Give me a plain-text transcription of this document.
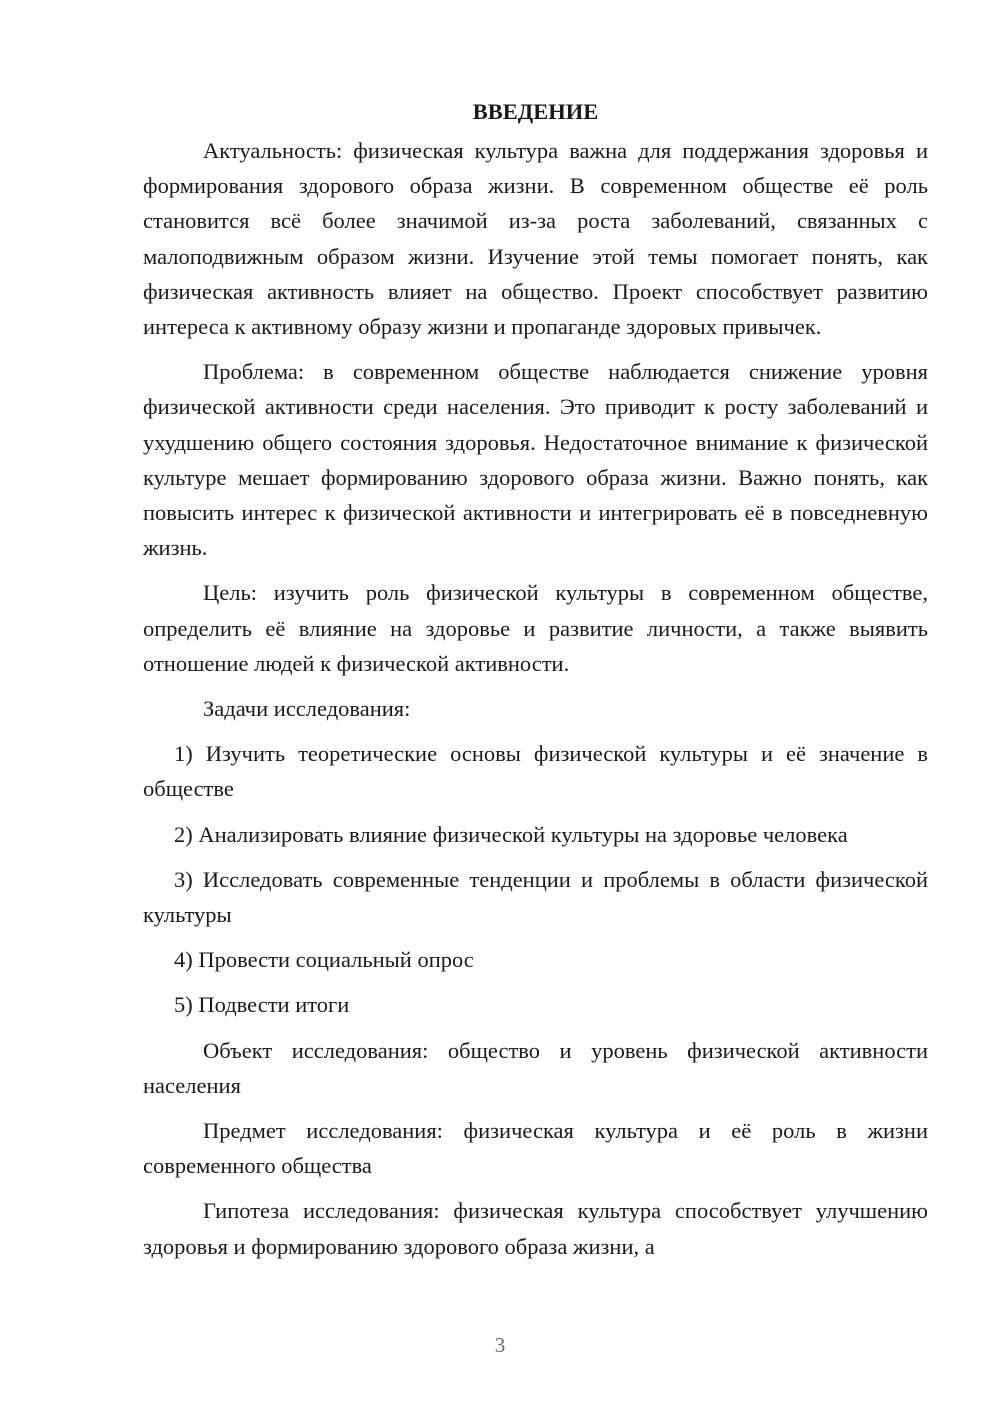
ВВЕДЕНИЕ

Актуальность: физическая культура важна для поддержания здоровья и формирования здорового образа жизни. В современном обществе её роль становится всё более значимой из-за роста заболеваний, связанных с малоподвижным образом жизни. Изучение этой темы помогает понять, как физическая активность влияет на общество. Проект способствует развитию интереса к активному образу жизни и пропаганде здоровых привычек.

Проблема: в современном обществе наблюдается снижение уровня физической активности среди населения. Это приводит к росту заболеваний и ухудшению общего состояния здоровья. Недостаточное внимание к физической культуре мешает формированию здорового образа жизни. Важно понять, как повысить интерес к физической активности и интегрировать её в повседневную жизнь.

Цель: изучить роль физической культуры в современном обществе, определить её влияние на здоровье и развитие личности, а также выявить отношение людей к физической активности.

Задачи исследования:

1) Изучить теоретические основы физической культуры и её значение в обществе

2) Анализировать влияние физической культуры на здоровье человека

3) Исследовать современные тенденции и проблемы в области физической культуры

4) Провести социальный опрос

5) Подвести итоги

Объект исследования: общество и уровень физической активности населения

Предмет исследования: физическая культура и её роль в жизни современного общества

Гипотеза исследования: физическая культура способствует улучшению здоровья и формированию здорового образа жизни, а

3
